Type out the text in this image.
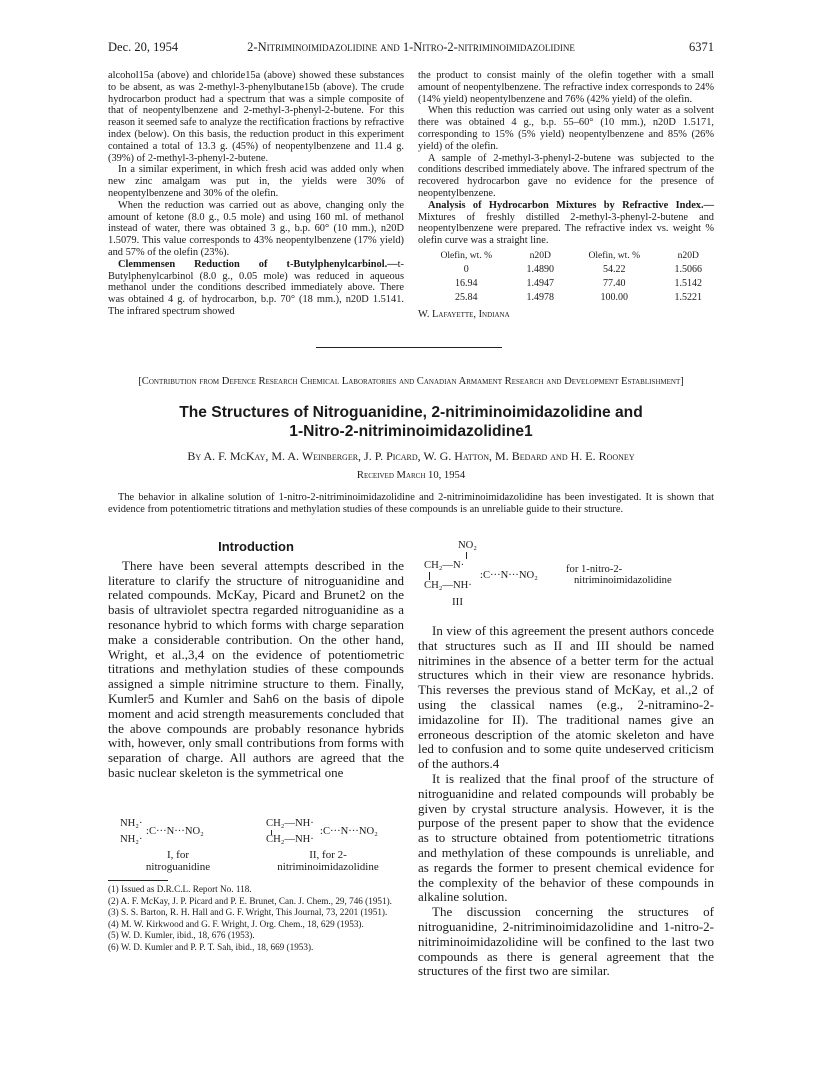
Dec. 20, 1954	2-Nitriminoimidazolidine and 1-Nitro-2-nitriminoimidazolidine	6371

alcohol15a (above) and chloride15a (above) showed these substances to be absent, as was 2-methyl-3-phenylbutane15b (above). The crude hydrocarbon product had a spectrum that was a simple composite of that of neopentylbenzene and 2-methyl-3-phenyl-2-butene. For this reason it seemed safe to analyze the rectification fractions by refractive index (below). On this basis, the reduction product in this experiment contained a total of 13.3 g. (45%) of neopentylbenzene and 11.4 g. (39%) of 2-methyl-3-phenyl-2-butene.

In a similar experiment, in which fresh acid was added only when new zinc amalgam was put in, the yields were 30% of neopentylbenzene and 30% of the olefin.

When the reduction was carried out as above, changing only the amount of ketone (8.0 g., 0.5 mole) and using 160 ml. of methanol instead of water, there was obtained 3 g., b.p. 60° (10 mm.), n20D 1.5079. This value corresponds to 43% neopentylbenzene (17% yield) and 57% of the olefin (23%).

Clemmensen Reduction of t-Butylphenylcarbinol.—t-Butylphenylcarbinol (8.0 g., 0.05 mole) was reduced in aqueous methanol under the conditions described immediately above. There was obtained 4 g. of hydrocarbon, b.p. 70° (18 mm.), n20D 1.5141. The infrared spectrum showed

the product to consist mainly of the olefin together with a small amount of neopentylbenzene. The refractive index corresponds to 24% (14% yield) neopentylbenzene and 76% (42% yield) of the olefin.

When this reduction was carried out using only water as a solvent there was obtained 4 g., b.p. 55–60° (10 mm.), n20D 1.5171, corresponding to 15% (5% yield) neopentylbenzene and 85% (26% yield) of the olefin.

A sample of 2-methyl-3-phenyl-2-butene was subjected to the conditions described immediately above. The infrared spectrum of the recovered hydrocarbon gave no evidence for the presence of neopentylbenzene.

Analysis of Hydrocarbon Mixtures by Refractive Index.—Mixtures of freshly distilled 2-methyl-3-phenyl-2-butene and neopentylbenzene were prepared. The refractive index vs. weight % olefin curve was a straight line.

Olefin, wt. %	n20D	Olefin, wt. %	n20D
0	1.4890	54.22	1.5066
16.94	1.4947	77.40	1.5142
25.84	1.4978	100.00	1.5221
W. Lafayette, Indiana
[Contribution from Defence Research Chemical Laboratories and Canadian Armament Research and Development Establishment]
The Structures of Nitroguanidine, 2-nitriminoimidazolidine and
1-Nitro-2-nitriminoimidazolidine1
By A. F. McKay, M. A. Weinberger, J. P. Picard, W. G. Hatton, M. Bedard and H. E. Rooney
Received March 10, 1954
The behavior in alkaline solution of 1-nitro-2-nitriminoimidazolidine and 2-nitriminoimidazolidine has been investigated. It is shown that evidence from potentiometric titrations and methylation studies of these compounds is an unreliable guide to their structure.
Introduction

There have been several attempts described in the literature to clarify the structure of nitroguanidine and related compounds. McKay, Picard and Brunet2 on the basis of ultraviolet spectra regarded nitroguanidine as a resonance hybrid to which forms with charge separation make a considerable contribution. On the other hand, Wright, et al.,3,4 on the evidence of potentiometric titrations and methylation studies of these compounds assigned a simple nitrimine structure to them. Finally, Kumler5 and Kumler and Sah6 on the basis of dipole moment and acid strength measurements concluded that the above compounds are probably resonance hybrids with, however, only small contributions from forms with separation of charge. All authors are agreed that the basic nuclear skeleton is the symmetrical one

NH₂·
:C···N···NO₂
NH₂·
CH₂—NH·
:C···N···NO₂
CH₂—NH·
I, for
nitroguanidine
II, for 2-
nitriminoimidazolidine
(1) Issued as D.R.C.L. Report No. 118.
(2) A. F. McKay, J. P. Picard and P. E. Brunet, Can. J. Chem., 29, 746 (1951).
(3) S. S. Barton, R. H. Hall and G. F. Wright, This Journal, 73, 2201 (1951).
(4) M. W. Kirkwood and G. F. Wright, J. Org. Chem., 18, 629 (1953).
(5) W. D. Kumler, ibid., 18, 676 (1953).
(6) W. D. Kumler and P. P. T. Sah, ibid., 18, 669 (1953).
NO₂
CH₂—N·
:C···N···NO₂
CH₂—NH·
for 1-nitro-2-
nitriminoimidazolidine
III

In view of this agreement the present authors concede that structures such as II and III should be named nitrimines in the absence of a better term for the actual structures which in their view are resonance hybrids. This reverses the previous stand of McKay, et al.,2 of using the classical names (e.g., 2-nitramino-2-imidazoline for II). The traditional names give an erroneous description of the atomic skeleton and have led to confusion and to some quite undeserved criticism of the authors.4

It is realized that the final proof of the structure of nitroguanidine and related compounds will probably be given by crystal structure analysis. However, it is the purpose of the present paper to show that the evidence as to structure obtained from potentiometric titrations and methylation of these compounds is unreliable, and as regards the former to present chemical evidence for the complexity of the behavior of these compounds in alkaline solution.

The discussion concerning the structures of nitroguanidine, 2-nitriminoimidazolidine and 1-nitro-2-nitriminoimidazolidine will be confined to the last two compounds as there is general agreement that the structures of the first two are similar.
